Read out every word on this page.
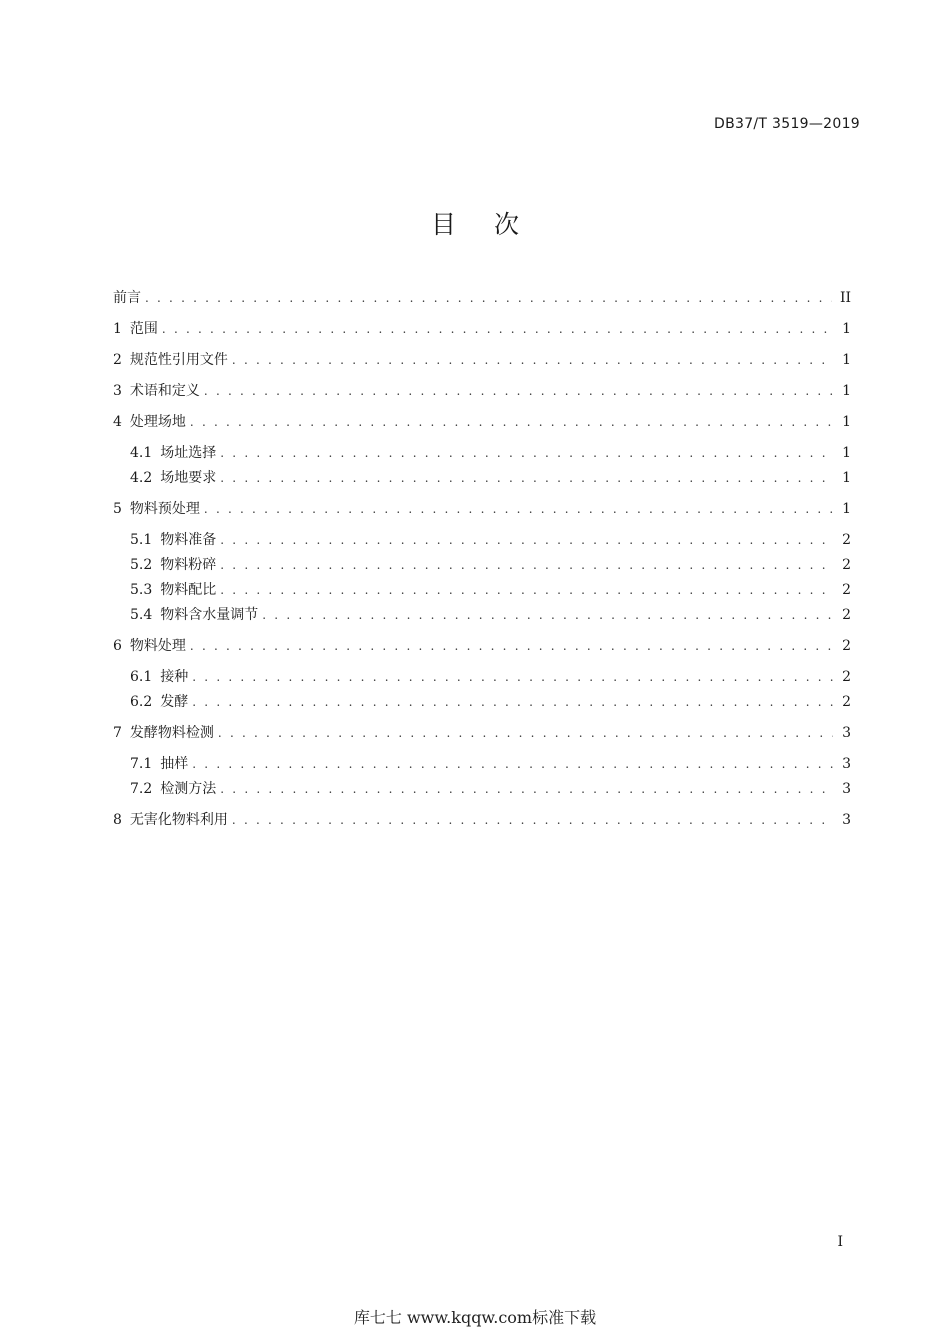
DB37/T 3519—2019
目 次
前言 . . .	II
1 范围 . . .	1
2 规范性引用文件 . . .	1
3 术语和定义 . . .	1
4 处理场地 . . .	1
4.1 场址选择 . . .	1
4.2 场地要求 . . .	1
5 物料预处理 . . .	1
5.1 物料准备 . . .	2
5.2 物料粉碎 . . .	2
5.3 物料配比 . . .	2
5.4 物料含水量调节 . . .	2
6 物料处理 . . .	2
6.1 接种 . . .	2
6.2 发酵 . . .	2
7 发酵物料检测 . . .	3
7.1 抽样 . . .	3
7.2 检测方法 . . .	3
8 无害化物料利用 . . .	3
I
库七七 www.kqqw.com标准下载
